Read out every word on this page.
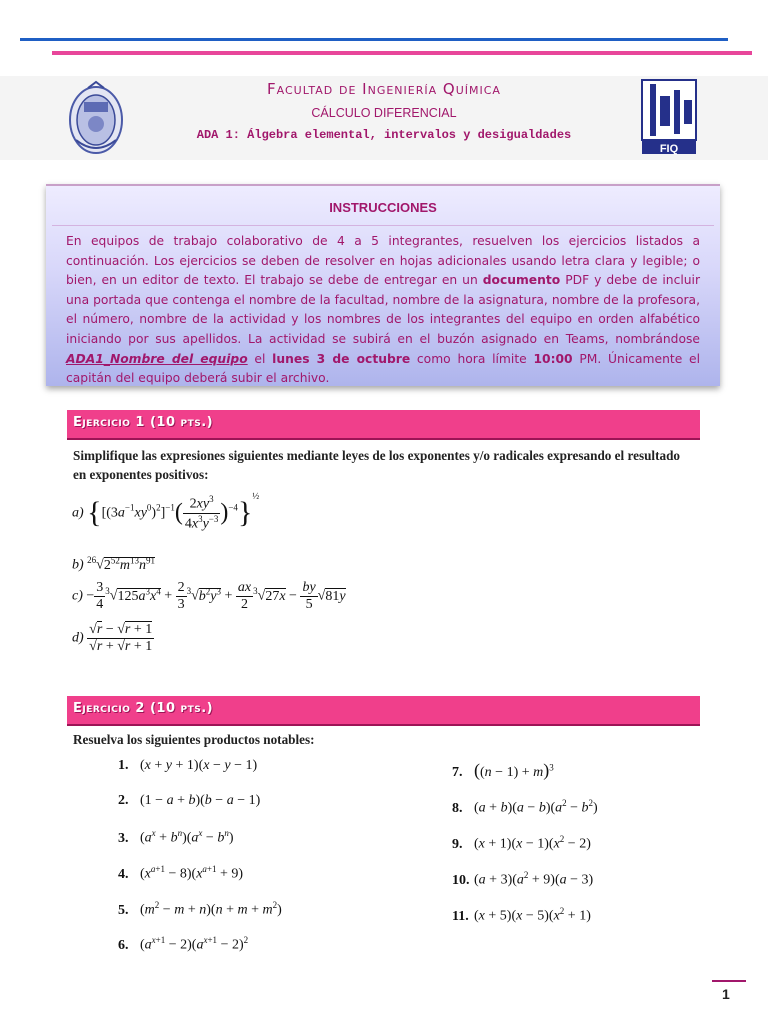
FIQ
Facultad de Ingeniería Química
CÁLCULO DIFERENCIAL
ADA 1: Álgebra elemental, intervalos y desigualdades
INSTRUCCIONES
En equipos de trabajo colaborativo de 4 a 5 integrantes, resuelven los ejercicios listados a continuación. Los ejercicios se deben de resolver en hojas adicionales usando letra clara y legible; o bien, en un editor de texto. El trabajo se debe de entregar en un documento PDF y debe de incluir una portada que contenga el nombre de la facultad, nombre de la asignatura, nombre de la profesora, el número, nombre de la actividad y los nombres de los integrantes del equipo en orden alfabético iniciando por sus apellidos. La actividad se subirá en el buzón asignado en Teams, nombrándose ADA1_Nombre del equipo el lunes 3 de octubre como hora límite 10:00 PM. Únicamente el capitán del equipo deberá subir el archivo.
Ejercicio 1 (10 pts.)
Simplifique las expresiones siguientes mediante leyes de los exponentes y/o radicales expresando el resultado en exponentes positivos:
a) $\{[(3a^{-1}xy^0)^2]^{-1}( \frac{2xy^3}{4x^3y^{-3}} )^{-4}\}^{\frac{1}{2}}$
b) $^{26}√2^{52}m^{13}n^{91}$
$c) - \frac{3}{4} ^3√125a^3x^4 + \frac{2}{3} ^3√b^2y^3 + \frac{ax}{2} ^3√27x - \frac{by}{5} √81y$
$d) \frac{√r - √r + 1}{√r + √r + 1}$
Ejercicio 2 (10 pts.)
Resuelva los siguientes productos notables:
1. (x + y + 1)(x − y − 1)
2. (1 − a + b)(b − a − 1)
3. $(a^x + b^n)(a^x - b^n)$
4. $(x^{a+1} - 8)(x^{a+1} + 9)$
5. $(m^2 - m + n)(n + m + m^2)$
6. $(a^{x+1} - 2)(a^{x+1} - 2)^2$
7. $((n - 1) + m)^3$
8. $(a + b)(a - b)(a^2 - b^2)$
9. $(x + 1)(x - 1)(x^2 - 2)$
10. $(a + 3)(a^2 + 9)(a - 3)$
11. $(x + 5)(x - 5)(x^2 + 1)$
1
